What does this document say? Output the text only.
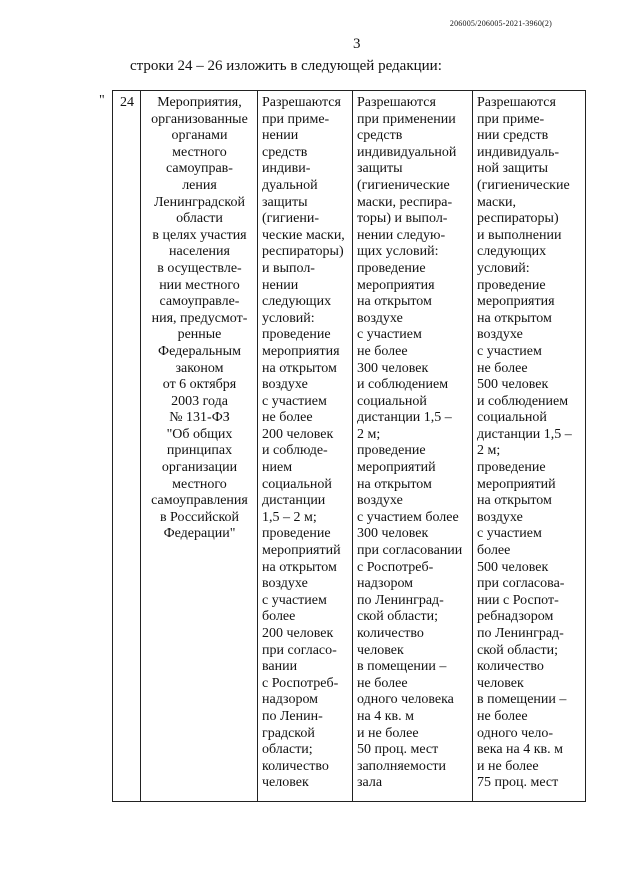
206005/206005-2021-3960(2)
3
строки 24 – 26 изложить в следующей редакции:
" 24	Мероприятия,
организованные
органами
местного
самоупрaв-
ления
Ленинградской
области
в целях участия
населения
в осуществле-
нии местного
самоуправле-
ния, предусмот-
ренные
Федеральным
законом
от 6 октября
2003 года
№ 131-ФЗ
"Об общих
принципах
организации
местного
самоуправления
в Российской
Федерации"	Разрешаются
при приме-
нении
средств
индиви-
дуальной
защиты
(гигиени-
ческие маски,
респираторы)
и выпол-
нении
следующих
условий:
проведение
мероприятия
на открытом
воздухе
с участием
не более
200 человек
и соблюде-
нием
социальной
дистанции
1,5 – 2 м;
проведение
мероприятий
на открытом
воздухе
с участием
более
200 человек
при согласо-
вании
с Роспотреб-
надзором
по Ленин-
градской
области;
количество
человек	Разрешаются
при применении
средств
индивидуальной
защиты
(гигиенические
маски, респира-
торы) и выпол-
нении следую-
щих условий:
проведение
мероприятия
на открытом
воздухе
с участием
не более
300 человек
и соблюдением
социальной
дистанции 1,5 –
2 м;
проведение
мероприятий
на открытом
воздухе
с участием более
300 человек
при согласовании
с Роспотреб-
надзором
по Ленинград-
ской области;
количество
человек
в помещении –
не более
одного человека
на 4 кв. м
и не более
50 проц. мест
заполняемости
зала	Разрешаются
при приме-
нии средств
индивидуаль-
ной защиты
(гигиенические
маски,
респираторы)
и выполнении
следующих
условий:
проведение
мероприятия
на открытом
воздухе
с участием
не более
500 человек
и соблюдением
социальной
дистанции 1,5 –
2 м;
проведение
мероприятий
на открытом
воздухе
с участием
более
500 человек
при согласова-
нии с Роспот-
ребнадзором
по Ленинград-
ской области;
количество
человек
в помещении –
не более
одного чело-
века на 4 кв. м
и не более
75 проц. мест
